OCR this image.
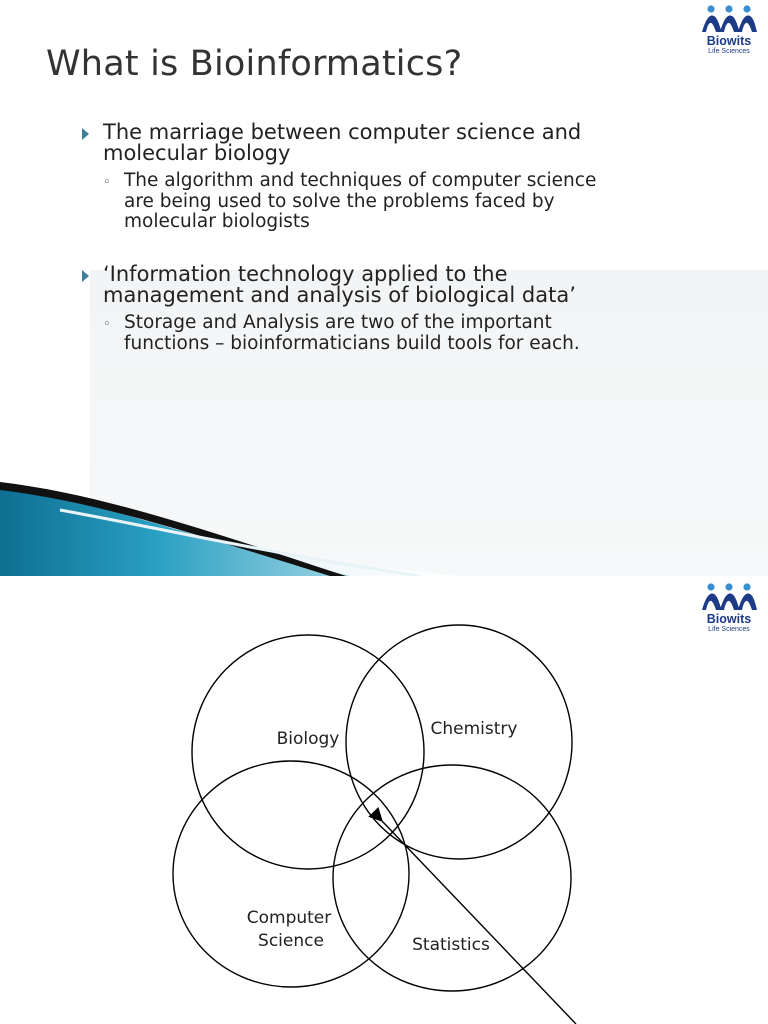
What is Bioinformatics?
Biowits
Life Sciences
The marriage between computer science and
molecular biology
◦ The algorithm and techniques of computer science
are being used to solve the problems faced by
molecular biologists
‘Information technology applied to the
management and analysis of biological data’
◦ Storage and Analysis are two of the important
functions – bioinformaticians build tools for each.
Biowits
Life Sciences
Biology	Chemistry
Computer
Science	Statistics
